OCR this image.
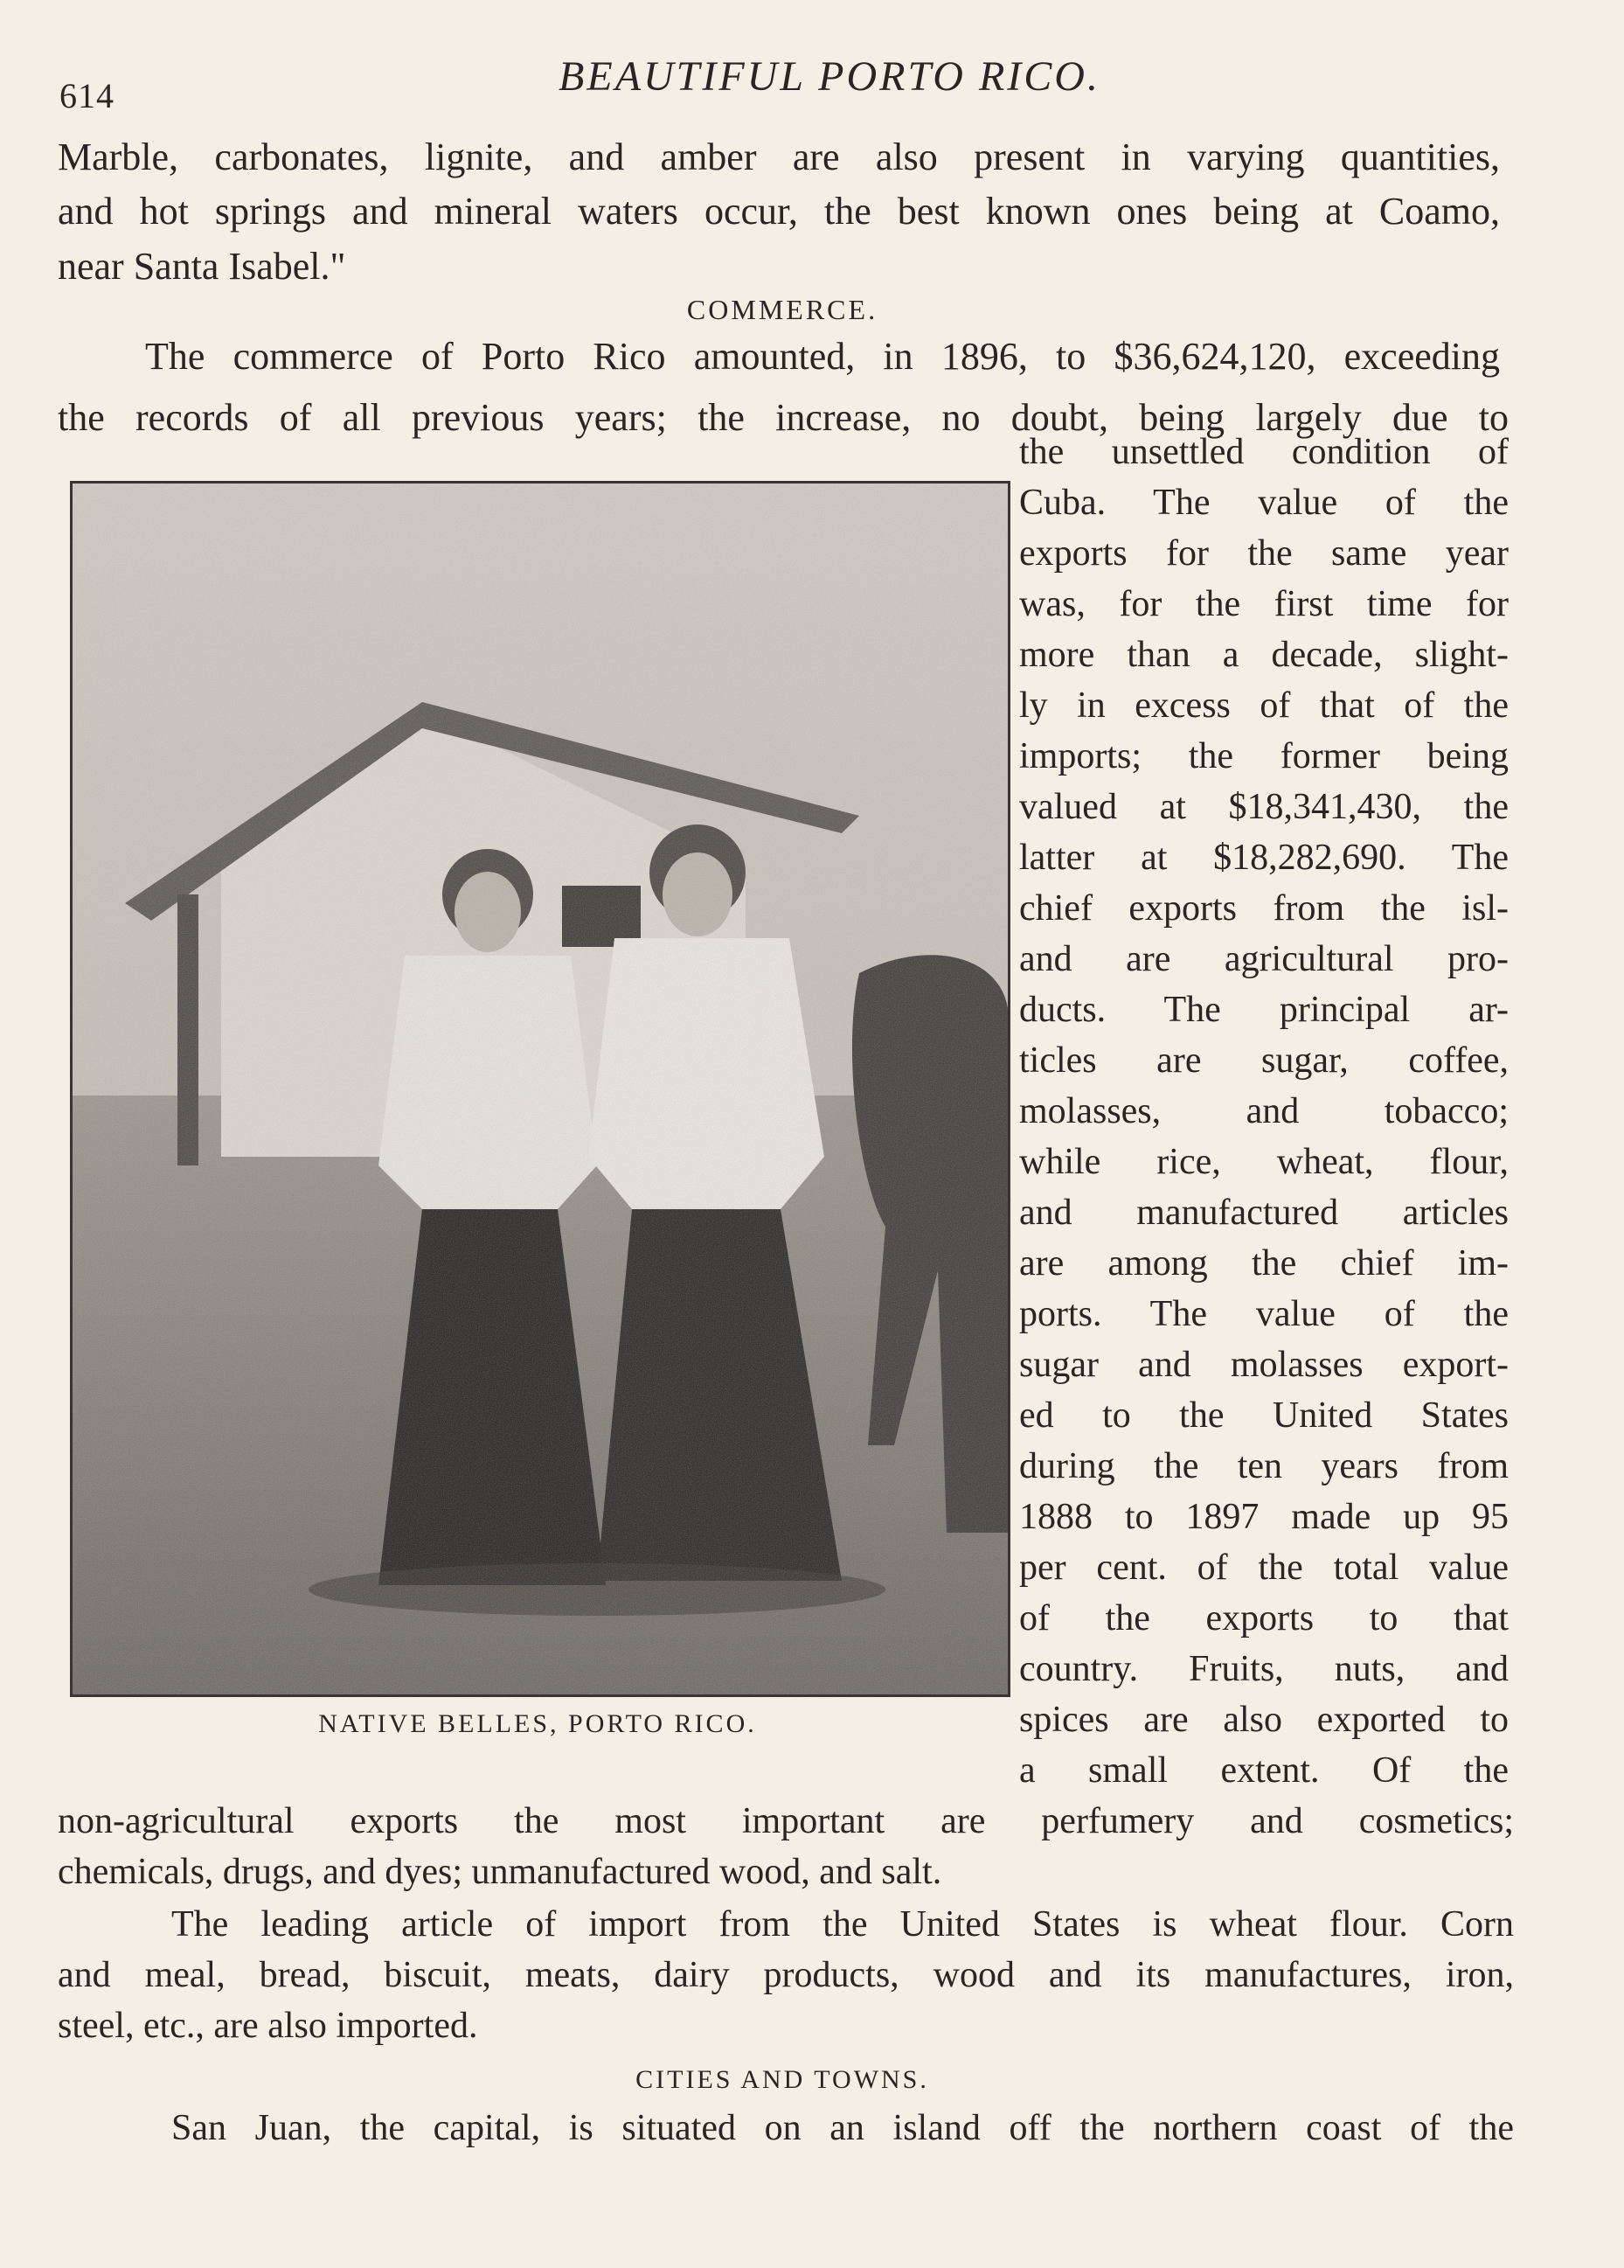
614	BEAUTIFUL PORTO RICO.
Marble, carbonates, lignite, and amber are also present in varying quantities,
and hot springs and mineral waters occur, the best known ones being at Coamo,
near Santa Isabel."
COMMERCE.
The commerce of Porto Rico amounted, in 1896, to $36,624,120, exceeding
the records of all previous years; the increase, no doubt, being largely due to
NATIVE BELLES, PORTO RICO.
the unsettled condition of
Cuba. The value of the
exports for the same year
was, for the first time for
more than a decade, slight-
ly in excess of that of the
imports; the former being
valued at $18,341,430, the
latter at $18,282,690. The
chief exports from the isl-
and are agricultural pro-
ducts. The principal ar-
ticles are sugar, coffee,
molasses, and tobacco;
while rice, wheat, flour,
and manufactured articles
are among the chief im-
ports. The value of the
sugar and molasses export-
ed to the United States
during the ten years from
1888 to 1897 made up 95
per cent. of the total value
of the exports to that
country. Fruits, nuts, and
spices are also exported to
a small extent. Of the
non-agricultural exports the most important are perfumery and cosmetics;
chemicals, drugs, and dyes; unmanufactured wood, and salt.
The leading article of import from the United States is wheat flour. Corn
and meal, bread, biscuit, meats, dairy products, wood and its manufactures, iron,
steel, etc., are also imported.
CITIES AND TOWNS.
San Juan, the capital, is situated on an island off the northern coast of the
